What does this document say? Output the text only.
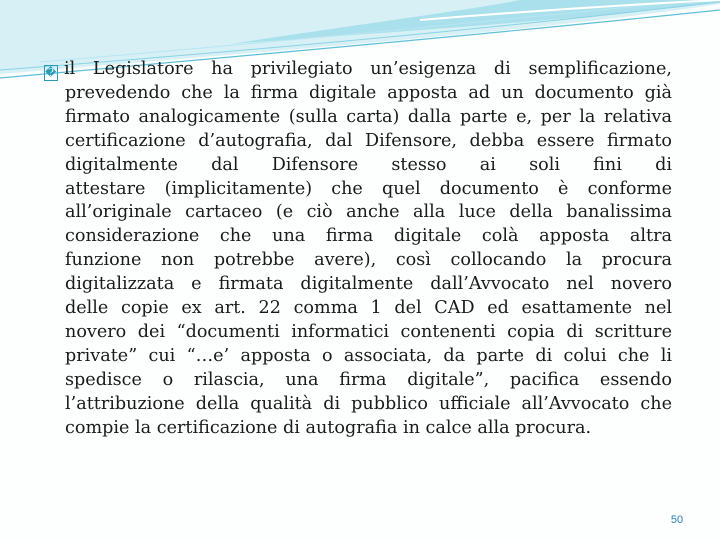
� il Legislatore ha privilegiato un’esigenza di semplificazione,
prevedendo che la firma digitale apposta ad un documento già
firmato analogicamente (sulla carta) dalla parte e, per la relativa
certificazione d’autografia, dal Difensore, debba essere firmato
digitalmente dal Difensore stesso ai soli fini di
attestare (implicitamente) che quel documento è conforme
all’originale cartaceo (e ciò anche alla luce della banalissima
considerazione che una firma digitale colà apposta altra
funzione non potrebbe avere), così collocando la procura
digitalizzata e firmata digitalmente dall’Avvocato nel novero
delle copie ex art. 22 comma 1 del CAD ed esattamente nel
novero dei “documenti informatici contenenti copia di scritture
private” cui “…e’ apposta o associata, da parte di colui che li
spedisce o rilascia, una firma digitale”, pacifica essendo
l’attribuzione della qualità di pubblico ufficiale all’Avvocato che
compie la certificazione di autografia in calce alla procura.
50
